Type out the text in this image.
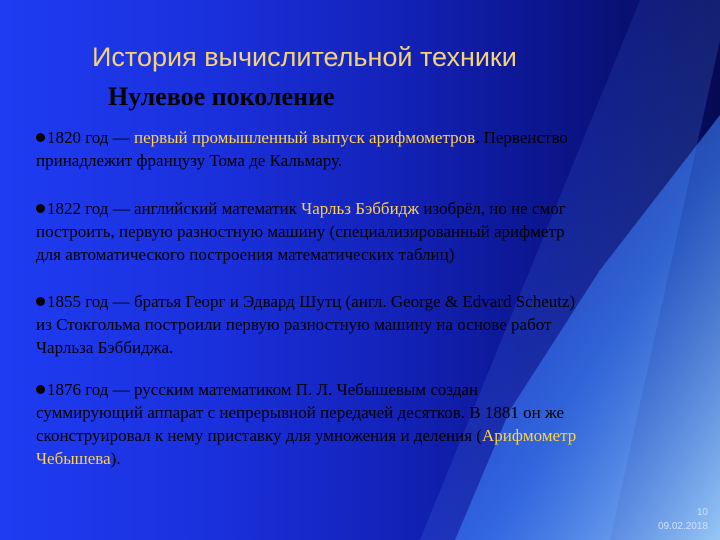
История вычислительной техники
Нулевое поколение
1820 год — первый промышленный выпуск арифмометров. Первенство
принадлежит французу Тома де Кальмару.
1822 год — английский математик Чарльз Бэббидж изобрёл, но не смог
построить, первую разностную машину (специализированный арифметр
для автоматического построения математических таблиц)
1855 год — братья Георг и Эдвард Шутц (англ. George & Edvard Scheutz)
из Стокгольма построили первую разностную машину на основе работ
Чарльза Бэббиджа.
1876 год — русским математиком П. Л. Чебышевым создан
суммирующий аппарат с непрерывной передачей десятков. В 1881 он же
сконструировал к нему приставку для умножения и деления (Арифмометр
Чебышева).
10
09.02.2018
